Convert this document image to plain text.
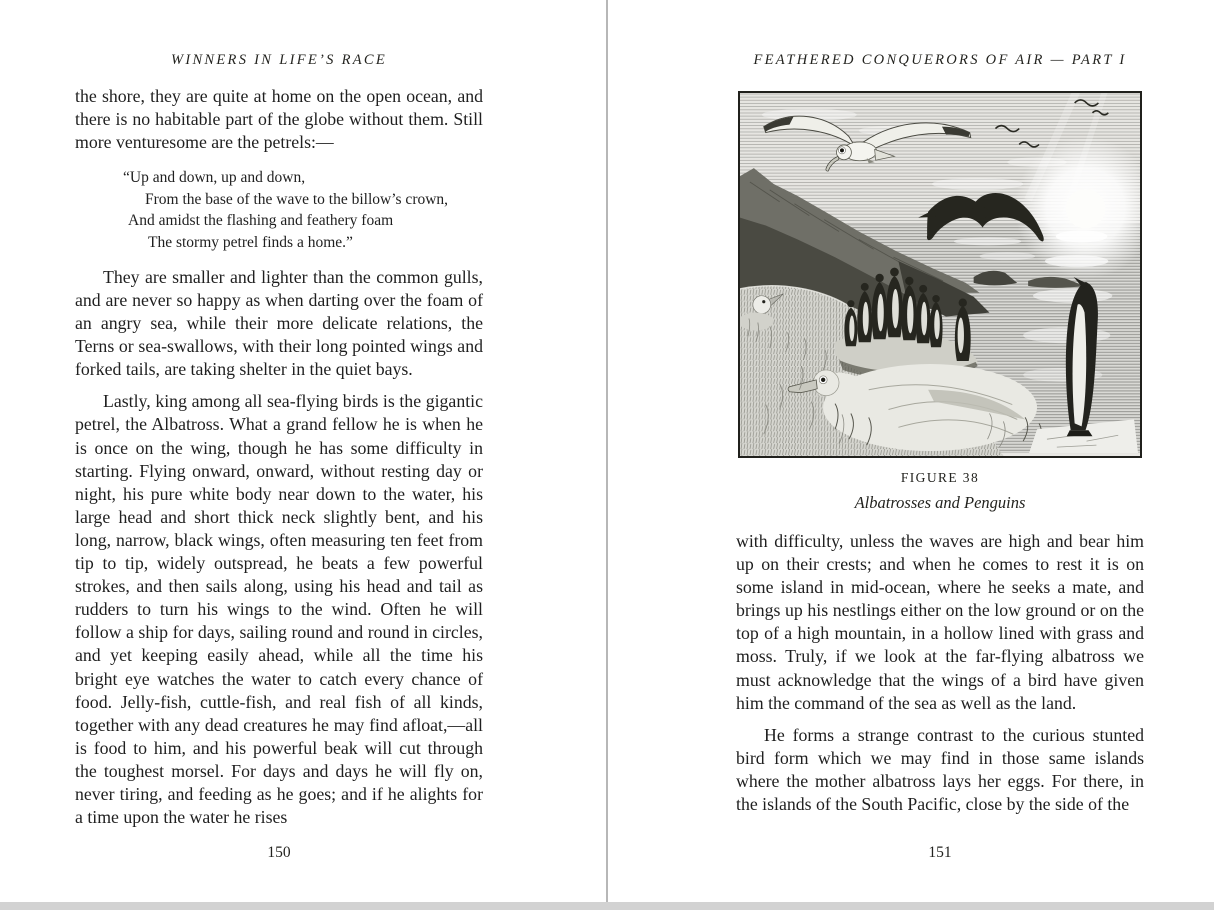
WINNERS IN LIFE’S RACE

the shore, they are quite at home on the open ocean, and there is no habitable part of the globe without them. Still more venturesome are the petrels:—

“Up and down, up and down,
From the base of the wave to the billow’s crown,
And amidst the flashing and feathery foam
The stormy petrel finds a home.”

They are smaller and lighter than the common gulls, and are never so happy as when darting over the foam of an angry sea, while their more delicate relations, the Terns or sea-swallows, with their long pointed wings and forked tails, are taking shelter in the quiet bays.

Lastly, king among all sea-flying birds is the gigantic petrel, the Albatross. What a grand fellow he is when he is once on the wing, though he has some difficulty in starting. Flying onward, onward, without resting day or night, his pure white body near down to the water, his large head and short thick neck slightly bent, and his long, narrow, black wings, often measuring ten feet from tip to tip, widely outspread, he beats a few powerful strokes, and then sails along, using his head and tail as rudders to turn his wings to the wind. Often he will follow a ship for days, sailing round and round in circles, and yet keeping easily ahead, while all the time his bright eye watches the water to catch every chance of food. Jelly-fish, cuttle-fish, and real fish of all kinds, together with any dead creatures he may find afloat,—all is food to him, and his powerful beak will cut through the toughest morsel. For days and days he will fly on, never tiring, and feeding as he goes; and if he alights for a time upon the water he rises

150
FEATHERED CONQUERORS OF AIR — PART I
FIGURE 38
Albatrosses and Penguins

with difficulty, unless the waves are high and bear him up on their crests; and when he comes to rest it is on some island in mid-ocean, where he seeks a mate, and brings up his nestlings either on the low ground or on the top of a high mountain, in a hollow lined with grass and moss. Truly, if we look at the far-flying albatross we must acknowledge that the wings of a bird have given him the command of the sea as well as the land.

He forms a strange contrast to the curious stunted bird form which we may find in those same islands where the mother albatross lays her eggs. For there, in the islands of the South Pacific, close by the side of the

151
